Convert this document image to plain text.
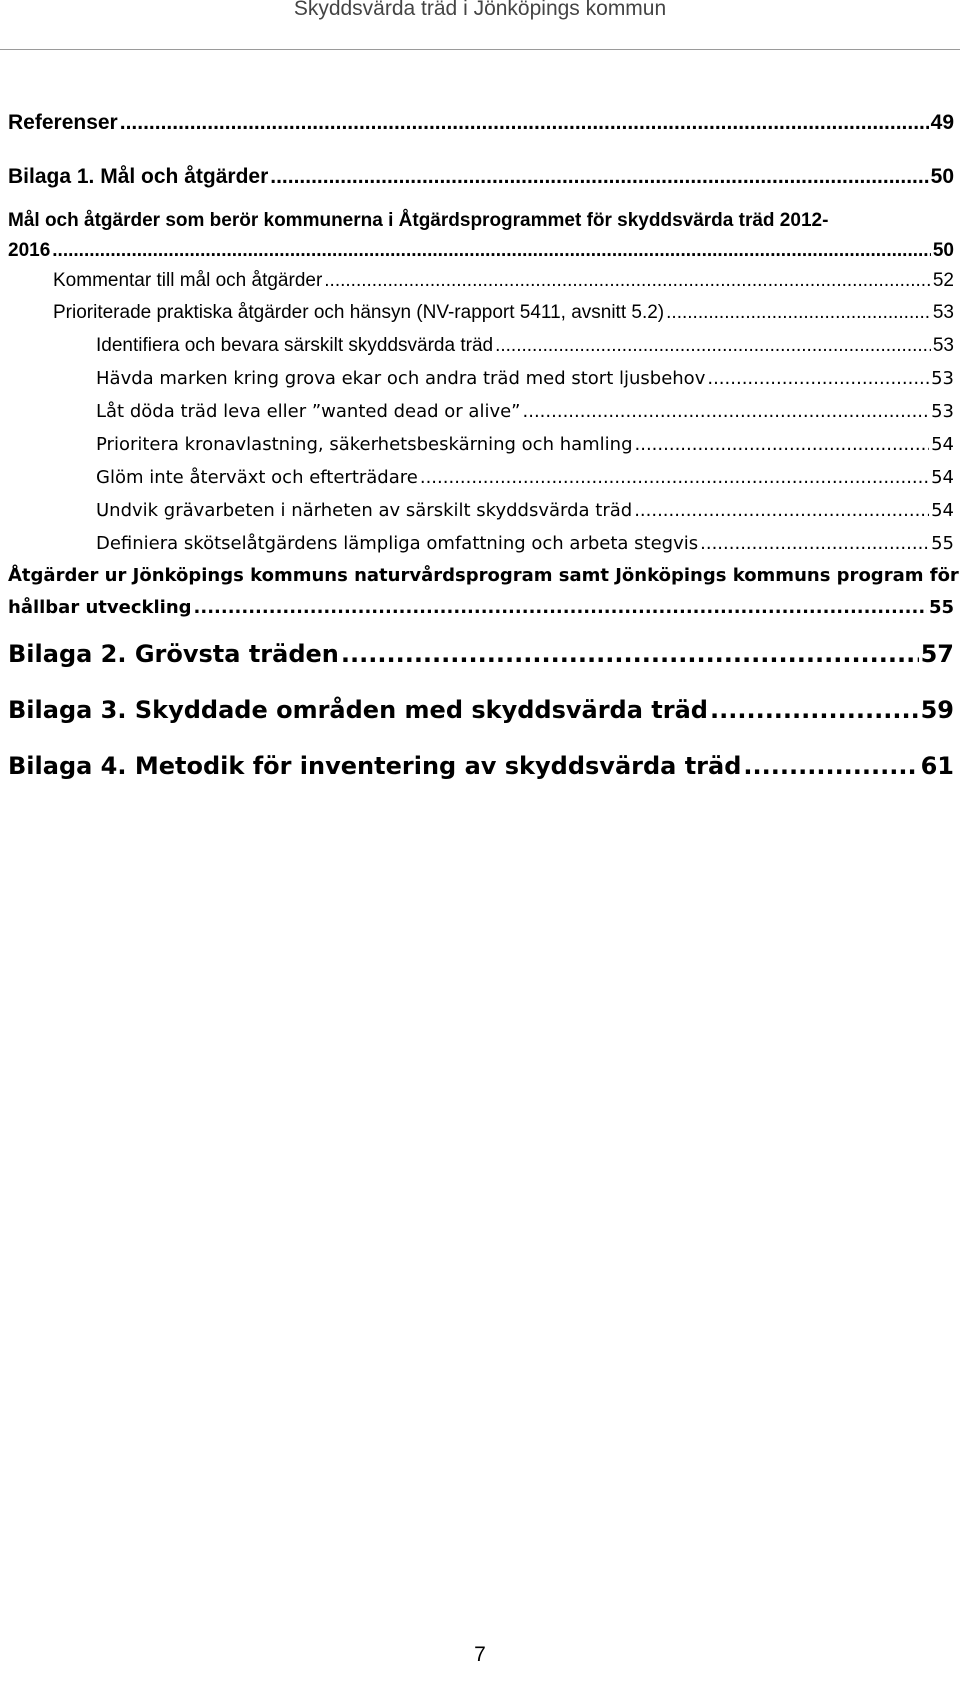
Skyddsvärda träd i Jönköpings kommun
Referenser .....	49
Bilaga 1. Mål och åtgärder .....	50
Mål och åtgärder som berör kommunerna i Åtgärdsprogrammet för skyddsvärda träd 2012-
2016 .....	50
Kommentar till mål och åtgärder .....	52
Prioriterade praktiska åtgärder och hänsyn (NV-rapport 5411, avsnitt 5.2) .....	53
Identifiera och bevara särskilt skyddsvärda träd .....	53
Hävda marken kring grova ekar och andra träd med stort ljusbehov .....	53
Låt döda träd leva eller ”wanted dead or alive” .....	53
Prioritera kronavlastning, säkerhetsbeskärning och hamling .....	54
Glöm inte återväxt och efterträdare .....	54
Undvik grävarbeten i närheten av särskilt skyddsvärda träd .....	54
Definiera skötselåtgärdens lämpliga omfattning och arbeta stegvis .....	55
Åtgärder ur Jönköpings kommuns naturvårdsprogram samt Jönköpings kommuns program för
hållbar utveckling .....	55
Bilaga 2. Grövsta träden .....	57
Bilaga 3. Skyddade områden med skyddsvärda träd .....	59
Bilaga 4. Metodik för inventering av skyddsvärda träd .....	61
7
